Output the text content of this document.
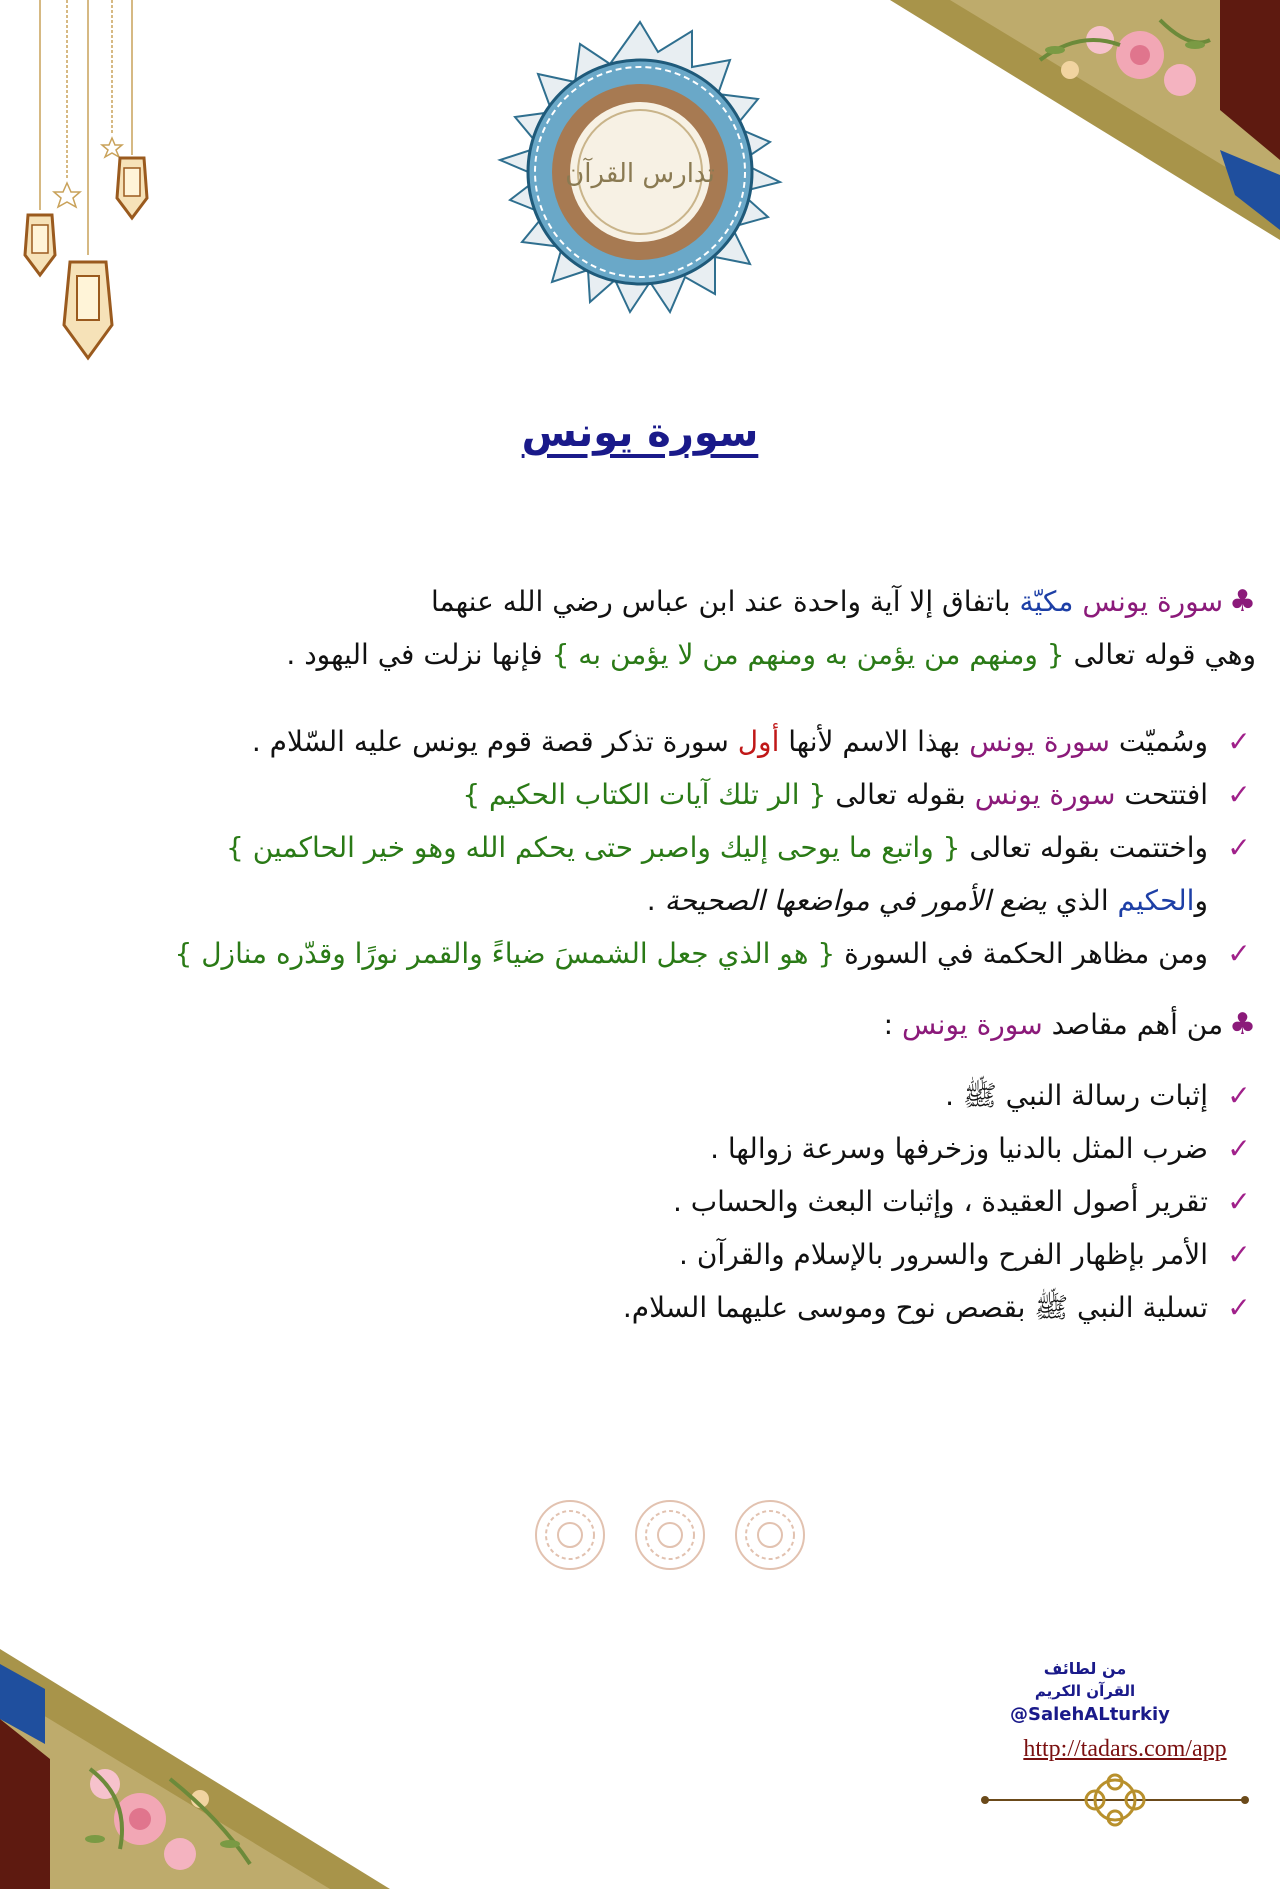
تدارس القرآن
سورة يونس
♣سورة يونس مكيّة باتفاق إلا آية واحدة عند ابن عباس رضي الله عنهما
وهي قوله تعالى { ومنهم من يؤمن به ومنهم من لا يؤمن به } فإنها نزلت في اليهود .
✓وسُميّت سورة يونس بهذا الاسم لأنها أول سورة تذكر قصة قوم يونس عليه السّلام .
✓افتتحت سورة يونس بقوله تعالى { الر تلك آيات الكتاب الحكيم }
✓واختتمت بقوله تعالى { واتبع ما يوحى إليك واصبر حتى يحكم الله وهو خير الحاكمين }
والحكيم الذي يضع الأمور في مواضعها الصحيحة .
✓ومن مظاهر الحكمة في السورة { هو الذي جعل الشمسَ ضياءً والقمر نورًا وقدّره منازل }
♣من أهم مقاصد سورة يونس :
✓إثبات رسالة النبي ﷺ .
✓ضرب المثل بالدنيا وزخرفها وسرعة زوالها .
✓تقرير أصول العقيدة ، وإثبات البعث والحساب .
✓الأمر بإظهار الفرح والسرور بالإسلام والقرآن .
✓تسلية النبي ﷺ بقصص نوح وموسى عليهما السلام.
من لطائف
القرآن الكريم
@SalehALturkiy
http://tadars.com/app
